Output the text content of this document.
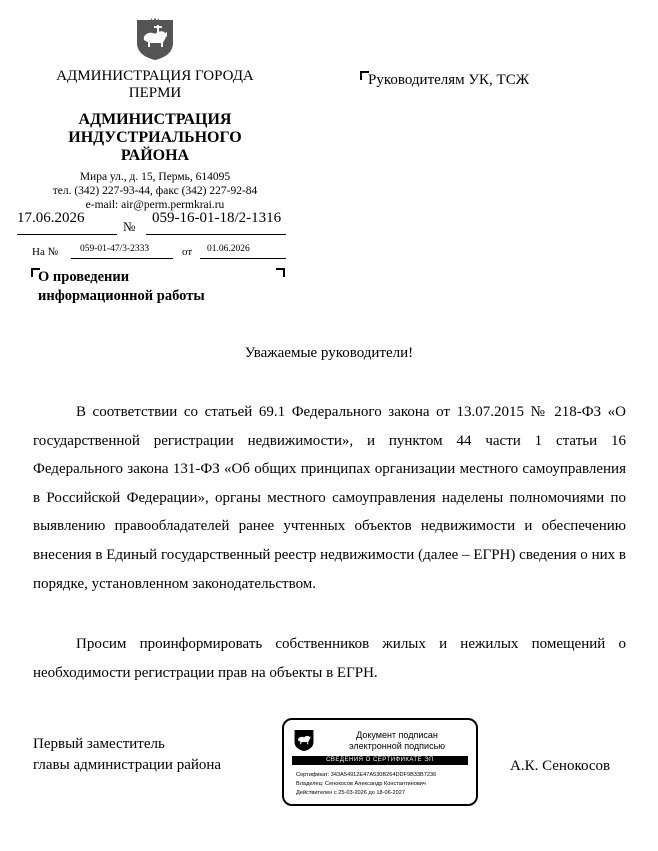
АДМИНИСТРАЦИЯ ГОРОДА
ПЕРМИ
АДМИНИСТРАЦИЯ
ИНДУСТРИАЛЬНОГО
РАЙОНА
Мира ул., д. 15, Пермь, 614095
тел. (342) 227-93-44, факс (342) 227-92-84
e-mail: air@perm.permkrai.ru
Руководителям УК, ТСЖ
17.06.2026
№
059-16-01-18/2-1316
На № 059-01-47/3-2333	от 01.06.2026
О проведении
информационной работы
Уважаемые руководители!
В соответствии со статьей 69.1 Федерального закона от 13.07.2015 № 218-ФЗ «О государственной регистрации недвижимости», и пунктом 44 части 1 статьи 16 Федерального закона 131-ФЗ «Об общих принципах организации местного самоуправления в Российской Федерации», органы местного самоуправления наделены полномочиями по выявлению правообладателей ранее учтенных объектов недвижимости и обеспечению внесения в Единый государственный реестр недвижимости (далее – ЕГРН) сведения о них в порядке, установленном законодательством.
Просим проинформировать собственников жилых и нежилых помещений о необходимости регистрации прав на объекты в ЕГРН.
Первый заместитель
главы администрации района
Документ подписан
электронной подписью
СВЕДЕНИЯ О СЕРТИФИКАТЕ ЭП
Сертификат: 343A54912E47A530B264DDF9B33B7236
Владелец: Сенокосов Александр Константинович
Действителен с 25-03-2026 до 18-06-2027
А.К. Сенокосов
